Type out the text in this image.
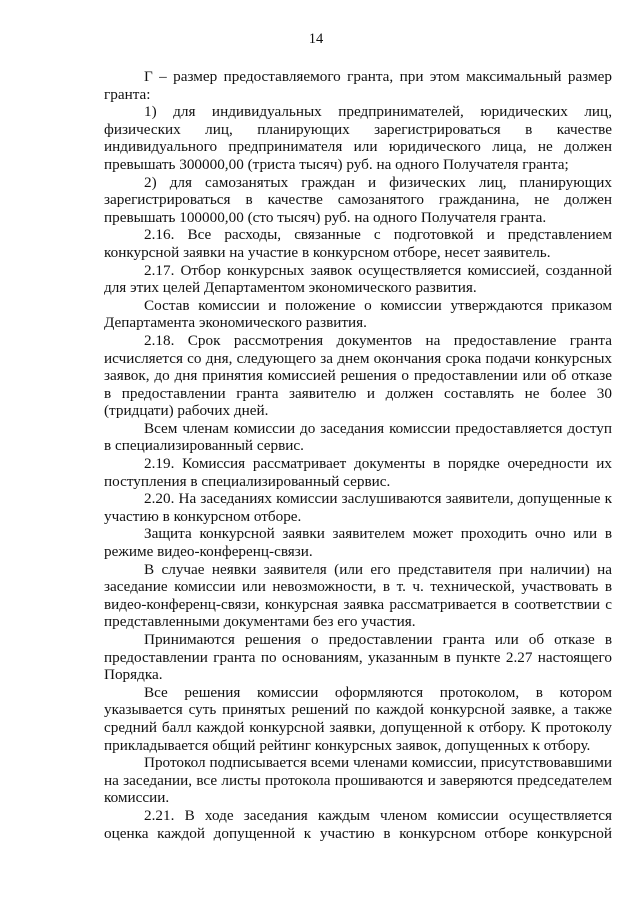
14

Г – размер предоставляемого гранта, при этом максимальный размер гранта:

1) для индивидуальных предпринимателей, юридических лиц, физических лиц, планирующих зарегистрироваться в качестве индивидуального предпринимателя или юридического лица, не должен превышать 300000,00 (триста тысяч) руб. на одного Получателя гранта;

2) для самозанятых граждан и физических лиц, планирующих зарегистрироваться в качестве самозанятого гражданина, не должен превышать 100000,00 (сто тысяч) руб. на одного Получателя гранта.

2.16. Все расходы, связанные с подготовкой и представлением конкурсной заявки на участие в конкурсном отборе, несет заявитель.

2.17. Отбор конкурсных заявок осуществляется комиссией, созданной для этих целей Департаментом экономического развития.

Состав комиссии и положение о комиссии утверждаются приказом Департамента экономического развития.

2.18. Срок рассмотрения документов на предоставление гранта исчисляется со дня, следующего за днем окончания срока подачи конкурсных заявок, до дня принятия комиссией решения о предоставлении или об отказе в предоставлении гранта заявителю и должен составлять не более 30 (тридцати) рабочих дней.

Всем членам комиссии до заседания комиссии предоставляется доступ в специализированный сервис.

2.19. Комиссия рассматривает документы в порядке очередности их поступления в специализированный сервис.

2.20. На заседаниях комиссии заслушиваются заявители, допущенные к участию в конкурсном отборе.

Защита конкурсной заявки заявителем может проходить очно или в режиме видео-конференц-связи.

В случае неявки заявителя (или его представителя при наличии) на заседание комиссии или невозможности, в т. ч. технической, участвовать в видео-конференц-связи, конкурсная заявка рассматривается в соответствии с представленными документами без его участия.

Принимаются решения о предоставлении гранта или об отказе в предоставлении гранта по основаниям, указанным в пункте 2.27 настоящего Порядка.

Все решения комиссии оформляются протоколом, в котором указывается суть принятых решений по каждой конкурсной заявке, а также средний балл каждой конкурсной заявки, допущенной к отбору. К протоколу прикладывается общий рейтинг конкурсных заявок, допущенных к отбору.

Протокол подписывается всеми членами комиссии, присутствовавшими на заседании, все листы протокола прошиваются и заверяются председателем комиссии.

2.21. В ходе заседания каждым членом комиссии осуществляется оценка каждой допущенной к участию в конкурсном отборе конкурсной
